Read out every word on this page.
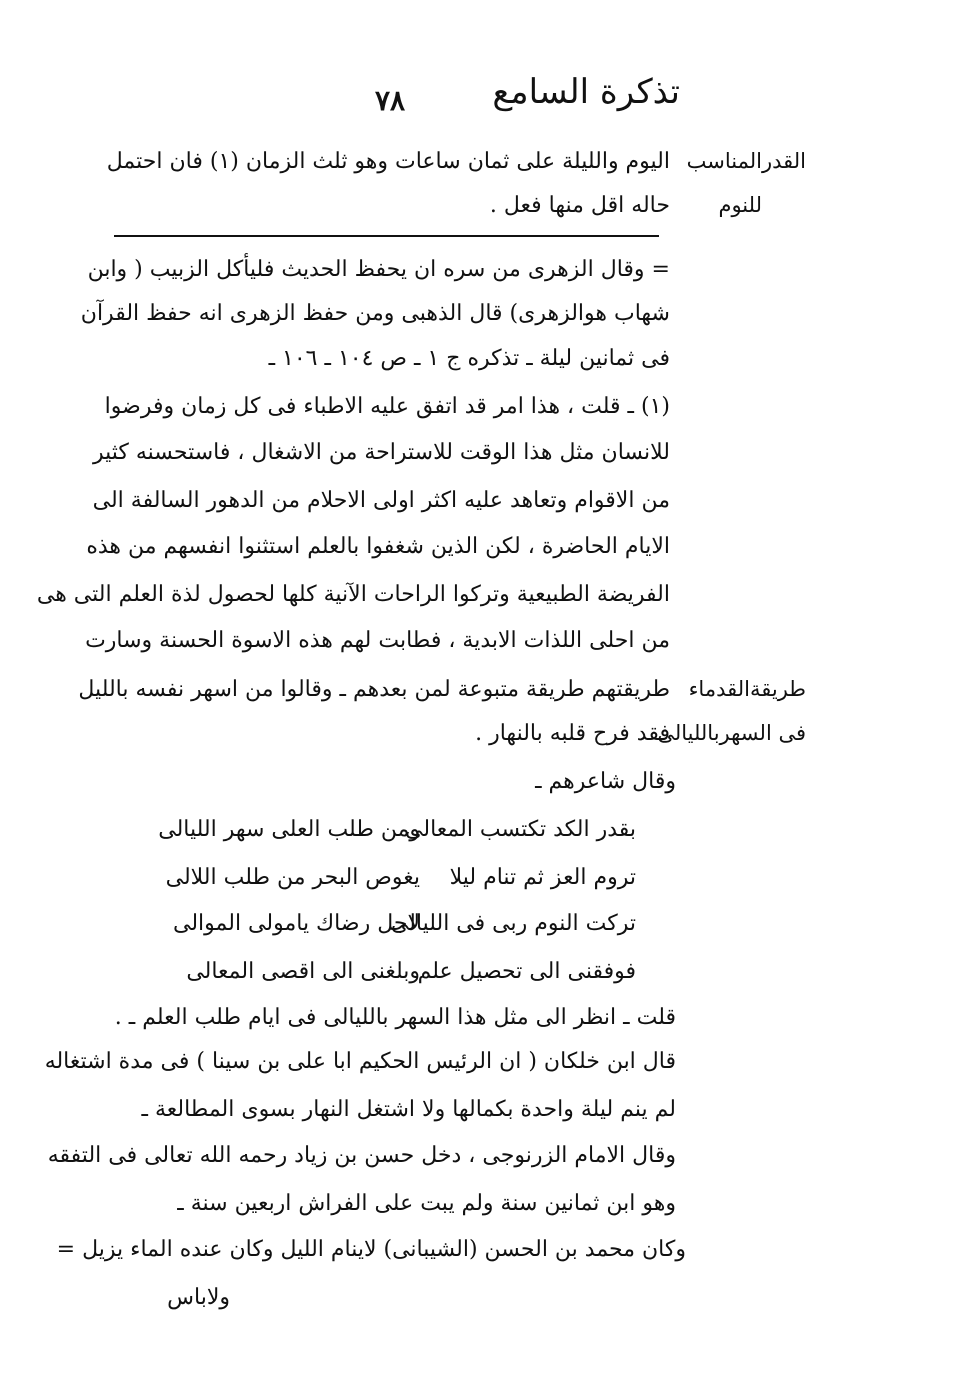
تذكرة السامع
٧٨
القدرالمناسب
للنوم
طريقةالقدماء
فى السهربالليالى
اليوم والليلة على ثمان ساعات وهو ثلث الزمان (١) فان احتمل
حاله اقل منها فعل .
= وقال الزهرى من سره ان يحفظ الحديث فليأكل الزبيب ( وابن
شهاب هوالزهرى) قال الذهبى ومن حفظ الزهرى انه حفظ القرآن
فى ثمانين ليلة ـ تذكره ج ١ ـ ص ١٠٤ ـ ١٠٦ ـ
(١) ـ قلت ، هذا امر قد اتفق عليه الاطباء فى كل زمان وفرضوا
للانسان مثل هذا الوقت للاستراحة من الاشغال ، فاستحسنه كثير
من الاقوام وتعاهد عليه اكثر اولى الاحلام من الدهور السالفة الى
الايام الحاضرة ، لكن الذين شغفوا بالعلم استثنوا انفسهم من هذه
الفريضة الطبيعية وتركوا الراحات الآنية كلها لحصول لذة العلم التى هى
من احلى اللذات الابدية ، فطابت لهم هذه الاسوة الحسنة وسارت
طريقتهم طريقة متبوعة لمن بعدهم ـ وقالوا من اسهر نفسه بالليل
فقد فرح قلبه بالنهار .
وقال شاعرهم ـ
بقدر الكد تكتسب المعالى
ومن طلب العلى سهر الليالى
تروم العز ثم تنام ليلا
يغوص البحر من طلب اللالى
تركت النوم ربى فى الليالى
لاجل رضاك يامولى الموالى
فوفقنى الى تحصيل علم
وبلغنى الى اقصى المعالى
قلت ـ انظر الى مثل هذا السهر بالليالى فى ايام طلب العلم ـ .
قال ابن خلكان ( ان الرئيس الحكيم ابا على بن سينا ) فى مدة اشتغاله
لم ينم ليلة واحدة بكمالها ولا اشتغل النهار بسوى المطالعة ـ
وقال الامام الزرنوجى ، دخل حسن بن زياد رحمه الله تعالى فى التفقه
وهو ابن ثمانين سنة ولم يبت على الفراش اربعين سنة ـ
وكان محمد بن الحسن (الشيبانى) لاينام الليل وكان عنده الماء يزيل =
ولاباس
